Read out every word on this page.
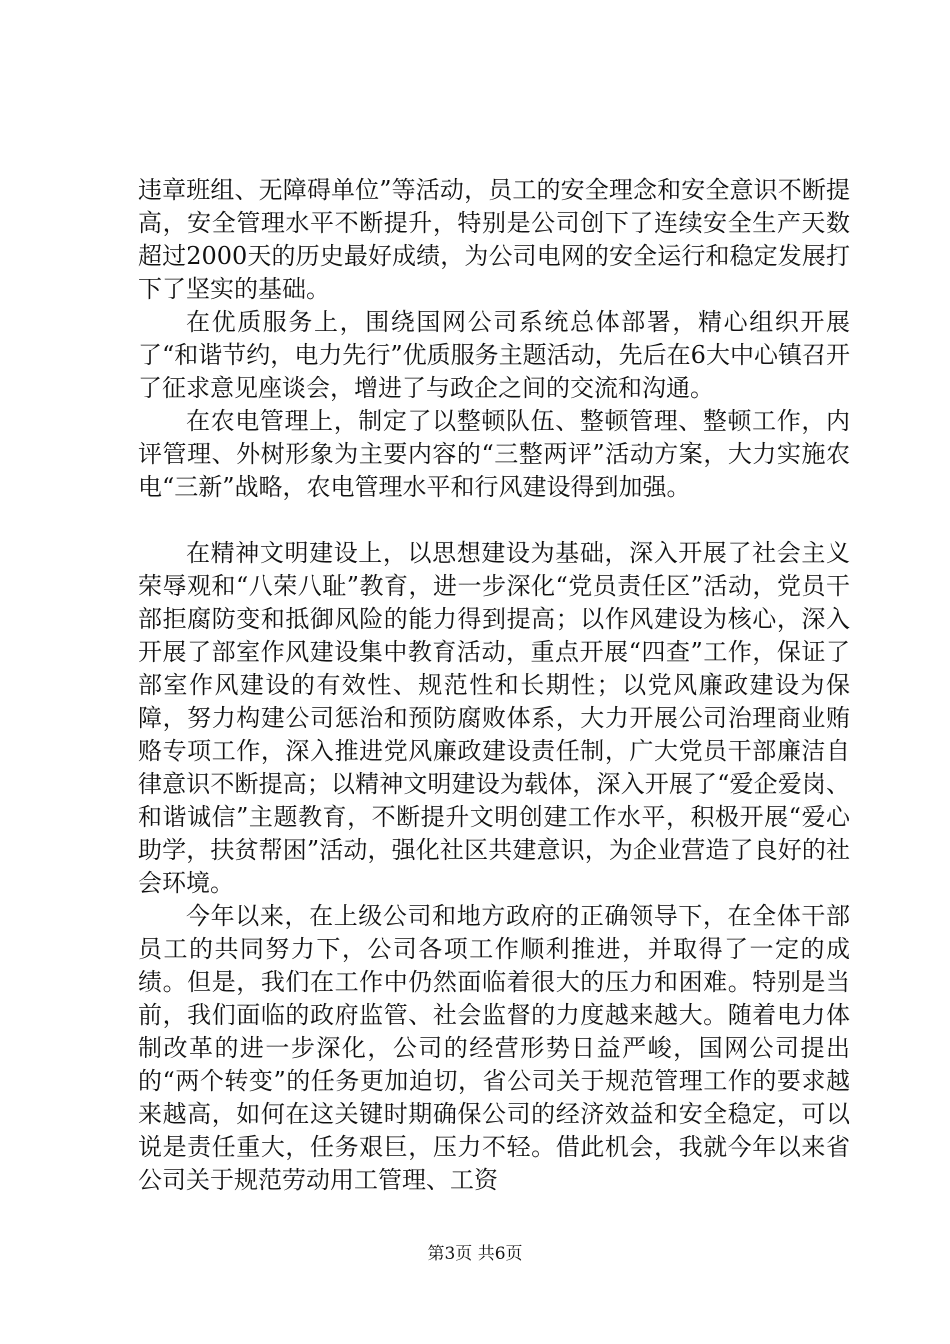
违章班组、无障碍单位”等活动，员工的安全理念和安全意识不断提高，安全管理水平不断提升，特别是公司创下了连续安全生产天数超过2000天的历史最好成绩，为公司电网的安全运行和稳定发展打下了坚实的基础。

在优质服务上，围绕国网公司系统总体部署，精心组织开展了“和谐节约，电力先行”优质服务主题活动，先后在6大中心镇召开了征求意见座谈会，增进了与政企之间的交流和沟通。

在农电管理上，制定了以整顿队伍、整顿管理、整顿工作，内评管理、外树形象为主要内容的“三整两评”活动方案，大力实施农电“三新”战略，农电管理水平和行风建设得到加强。

在精神文明建设上，以思想建设为基础，深入开展了社会主义荣辱观和“八荣八耻”教育，进一步深化“党员责任区”活动，党员干部拒腐防变和抵御风险的能力得到提高；以作风建设为核心，深入开展了部室作风建设集中教育活动，重点开展“四查”工作，保证了部室作风建设的有效性、规范性和长期性；以党风廉政建设为保障，努力构建公司惩治和预防腐败体系，大力开展公司治理商业贿赂专项工作，深入推进党风廉政建设责任制，广大党员干部廉洁自律意识不断提高；以精神文明建设为载体，深入开展了“爱企爱岗、和谐诚信”主题教育，不断提升文明创建工作水平，积极开展“爱心助学，扶贫帮困”活动，强化社区共建意识，为企业营造了良好的社会环境。

今年以来，在上级公司和地方政府的正确领导下，在全体干部员工的共同努力下，公司各项工作顺利推进，并取得了一定的成绩。但是，我们在工作中仍然面临着很大的压力和困难。特别是当前，我们面临的政府监管、社会监督的力度越来越大。随着电力体制改革的进一步深化，公司的经营形势日益严峻，国网公司提出的“两个转变”的任务更加迫切，省公司关于规范管理工作的要求越来越高，如何在这关键时期确保公司的经济效益和安全稳定，可以说是责任重大，任务艰巨，压力不轻。借此机会，我就今年以来省公司关于规范劳动用工管理、工资

第3页 共6页
